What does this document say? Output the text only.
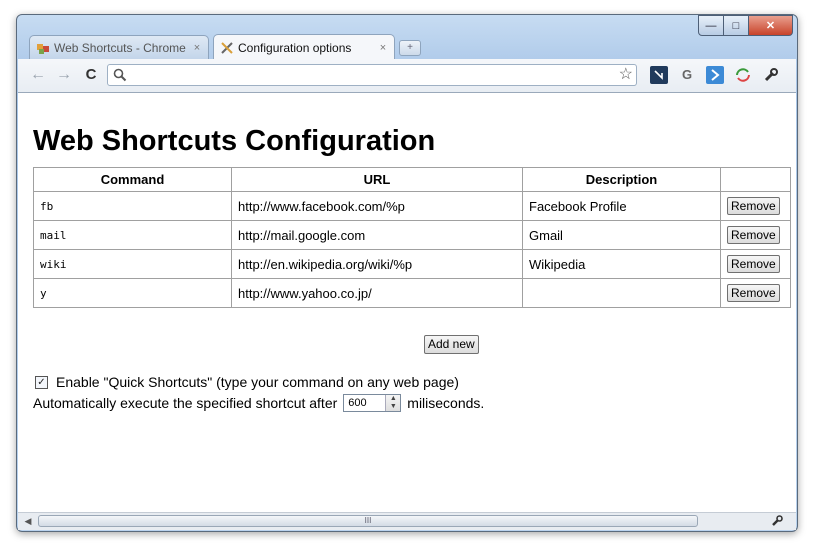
—	□	✕
Web Shortcuts - Chrome ×	Configuration options	×	+
← → C	☆	G
Web Shortcuts Configuration
Command	URL	Description	
fb	http://www.facebook.com/%p	Facebook Profile	Remove
mail	http://mail.google.com	Gmail	Remove
wiki	http://en.wikipedia.org/wiki/%p	Wikipedia	Remove
y	http://www.yahoo.co.jp/		Remove
Add new
✓ Enable "Quick Shortcuts" (type your command on any web page)
Automatically execute the specified shortcut after	600	▲
▼ miliseconds.
◀	III
